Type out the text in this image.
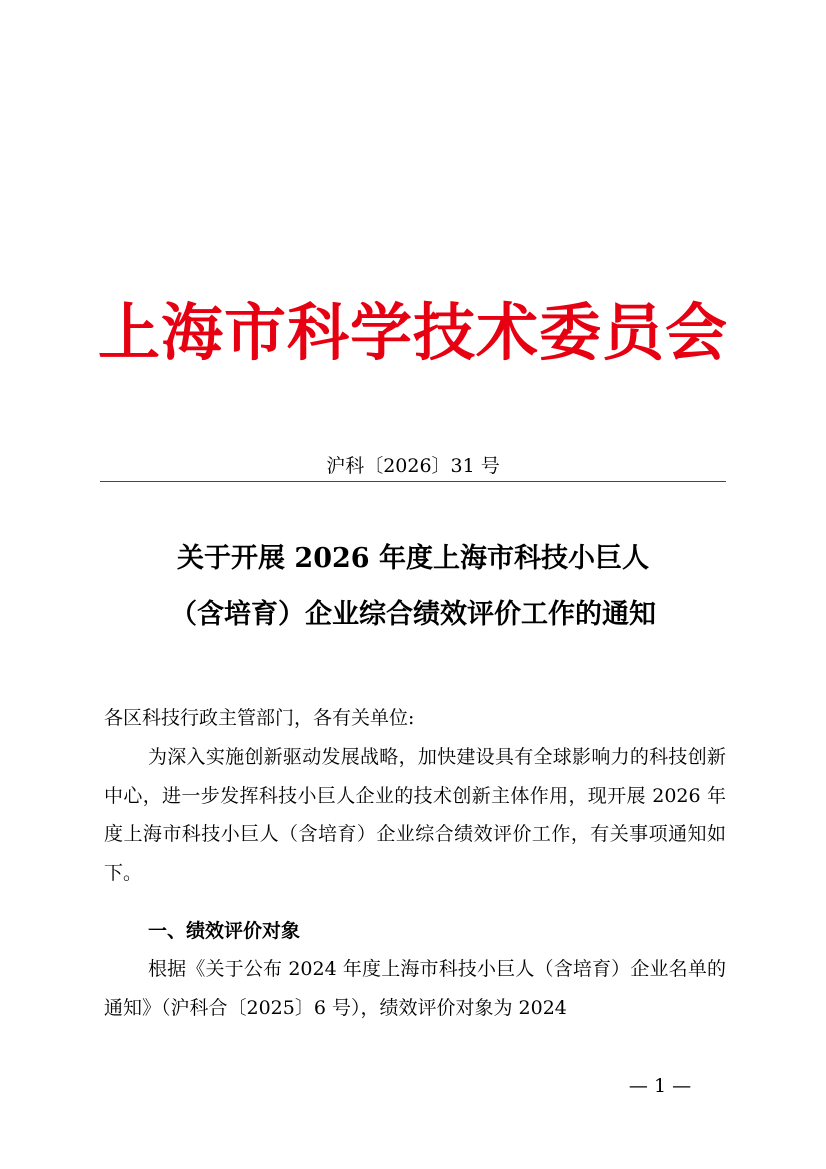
上海市科学技术委员会
沪科〔2026〕31 号
关于开展 2026 年度上海市科技小巨人
（含培育）企业综合绩效评价工作的通知
各区科技行政主管部门，各有关单位:
为深入实施创新驱动发展战略，加快建设具有全球影响力的科技创新中心，进一步发挥科技小巨人企业的技术创新主体作用，现开展 2026 年度上海市科技小巨人（含培育）企业综合绩效评价工作，有关事项通知如下。
一、绩效评价对象
根据《关于公布 2024 年度上海市科技小巨人（含培育）企业名单的通知》（沪科合〔2025〕6 号），绩效评价对象为 2024
— 1 —
